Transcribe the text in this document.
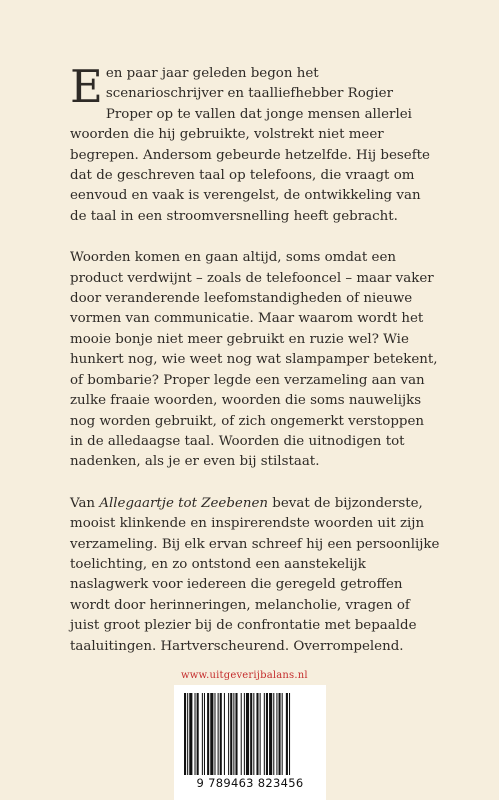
Een paar jaar geleden begon het scenarioschrijver en taalliefhebber Rogier Proper op te vallen dat jonge mensen allerlei woorden die hij gebruikte, volstrekt niet meer begrepen. Andersom gebeurde hetzelfde. Hij besefte dat de geschreven taal op telefoons, die vraagt om eenvoud en vaak is verengelst, de ontwikkeling van de taal in een stroomversnelling heeft gebracht.

Woorden komen en gaan altijd, soms omdat een product verdwijnt – zoals de telefooncel – maar vaker door veranderende leefomstandigheden of nieuwe vormen van communicatie. Maar waarom wordt het mooie bonje niet meer gebruikt en ruzie wel? Wie hunkert nog, wie weet nog wat slampamper betekent, of bombarie? Proper legde een verzameling aan van zulke fraaie woorden, woorden die soms nauwelijks nog worden gebruikt, of zich ongemerkt verstoppen in de alledaagse taal. Woorden die uitnodigen tot nadenken, als je er even bij stilstaat.

Van Allegaartje tot Zeebenen bevat de bijzonderste, mooist klinkende en inspirerendste woorden uit zijn verzameling. Bij elk ervan schreef hij een persoonlijke toelichting, en zo ontstond een aanstekelijk naslagwerk voor iedereen die geregeld getroffen wordt door herinneringen, melancholie, vragen of juist groot plezier bij de confrontatie met bepaalde taaluitingen. Hartverscheurend. Overrompelend.

www.uitgeverijbalans.nl
9 789463 823456
